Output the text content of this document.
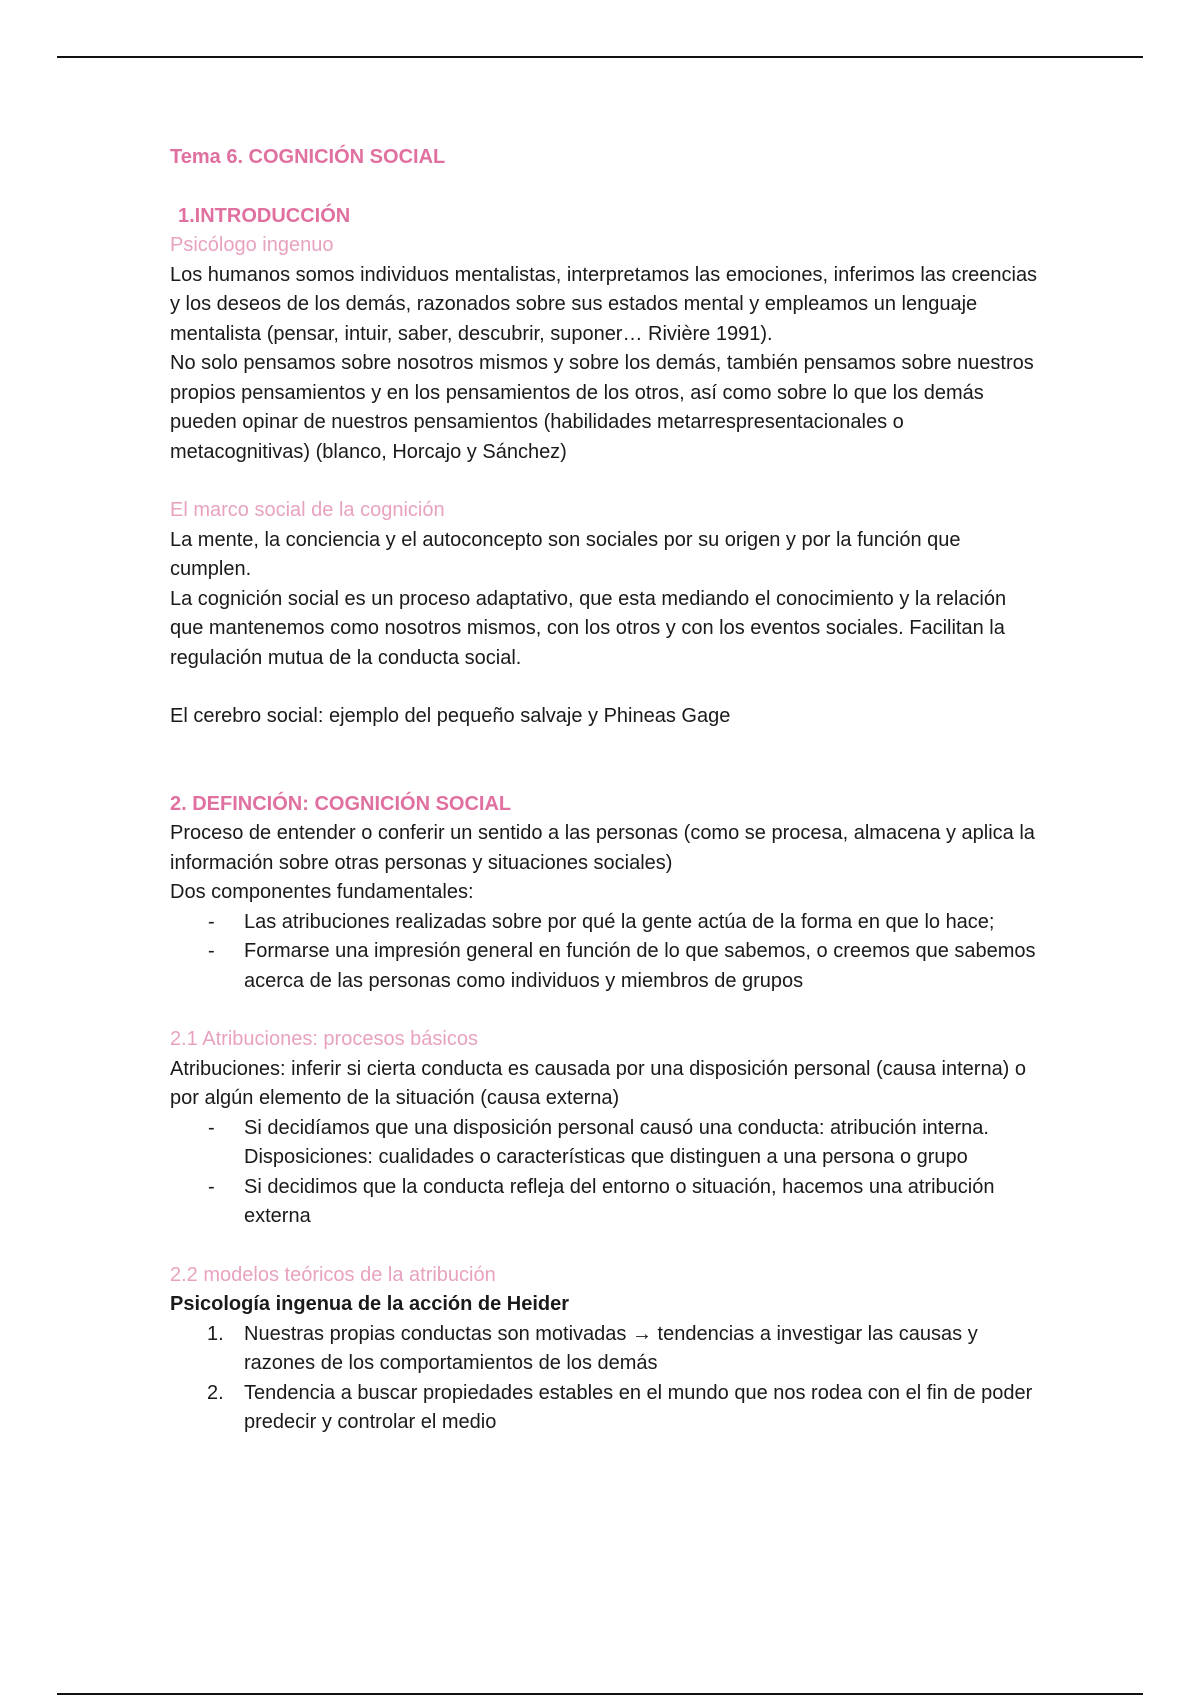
Tema 6. COGNICIÓN SOCIAL

1.INTRODUCCIÓN

Psicólogo ingenuo

Los humanos somos individuos mentalistas, interpretamos las emociones, inferimos las creencias y los deseos de los demás, razonados sobre sus estados mental y empleamos un lenguaje mentalista (pensar, intuir, saber, descubrir, suponer… Rivière 1991).

No solo pensamos sobre nosotros mismos y sobre los demás, también pensamos sobre nuestros propios pensamientos y en los pensamientos de los otros, así como sobre lo que los demás pueden opinar de nuestros pensamientos (habilidades metarrespresentacionales o metacognitivas) (blanco, Horcajo y Sánchez)

El marco social de la cognición

La mente, la conciencia y el autoconcepto son sociales por su origen y por la función que cumplen.

La cognición social es un proceso adaptativo, que esta mediando el conocimiento y la relación que mantenemos como nosotros mismos, con los otros y con los eventos sociales. Facilitan la regulación mutua de la conducta social.

El cerebro social: ejemplo del pequeño salvaje y Phineas Gage

2. DEFINCIÓN: COGNICIÓN SOCIAL

Proceso de entender o conferir un sentido a las personas (como se procesa, almacena y aplica la información sobre otras personas y situaciones sociales)

Dos componentes fundamentales:

- Las atribuciones realizadas sobre por qué la gente actúa de la forma en que lo hace;
- Formarse una impresión general en función de lo que sabemos, o creemos que sabemos acerca de las personas como individuos y miembros de grupos

2.1 Atribuciones: procesos básicos

Atribuciones: inferir si cierta conducta es causada por una disposición personal (causa interna) o por algún elemento de la situación (causa externa)

- Si decidíamos que una disposición personal causó una conducta: atribución interna. Disposiciones: cualidades o características que distinguen a una persona o grupo
- Si decidimos que la conducta refleja del entorno o situación, hacemos una atribución externa

2.2 modelos teóricos de la atribución

Psicología ingenua de la acción de Heider

1. Nuestras propias conductas son motivadas → tendencias a investigar las causas y razones de los comportamientos de los demás
2. Tendencia a buscar propiedades estables en el mundo que nos rodea con el fin de poder predecir y controlar el medio
